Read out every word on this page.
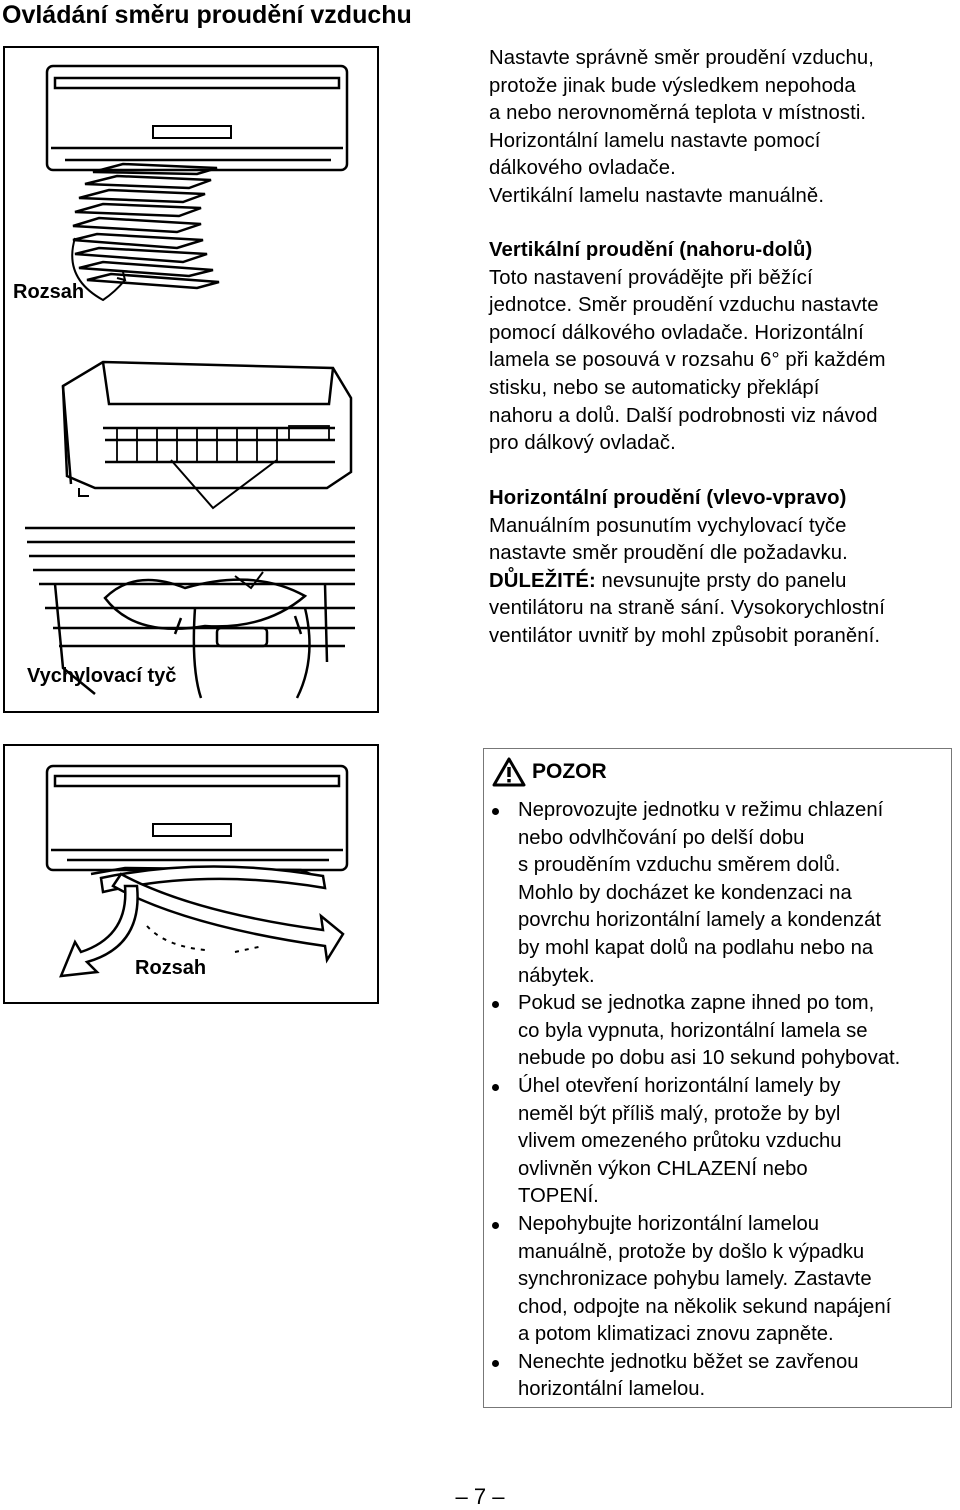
Ovládání směru proudění vzduchu
Rozsah
Vychylovací tyč

Nastavte správně směr proudění vzduchu,

protože jinak bude výsledkem nepohoda

a nebo nerovnoměrná teplota v místnosti.

Horizontální lamelu nastavte pomocí

dálkového ovladače.

Vertikální lamelu nastavte manuálně.

Vertikální proudění (nahoru-dolů)

Toto nastavení provádějte při běžící

jednotce. Směr proudění vzduchu nastavte

pomocí dálkového ovladače. Horizontální

lamela se posouvá v rozsahu 6° při každém

stisku, nebo se automaticky překlápí

nahoru a dolů. Další podrobnosti viz návod

pro dálkový ovladač.

Horizontální proudění (vlevo-vpravo)

Manuálním posunutím vychylovací tyče

nastavte směr proudění dle požadavku.

DŮLEŽITÉ: nevsunujte prsty do panelu

ventilátoru na straně sání. Vysokorychlostní

ventilátor uvnitř by mohl způsobit poranění.

Rozsah
POZOR
Neprovozujte jednotku v režimu chlazení
nebo odvlhčování po delší dobu
s prouděním vzduchu směrem dolů.
Mohlo by docházet ke kondenzaci na
povrchu horizontální lamely a kondenzát
by mohl kapat dolů na podlahu nebo na
nábytek.
Pokud se jednotka zapne ihned po tom,
co byla vypnuta, horizontální lamela se
nebude po dobu asi 10 sekund pohybovat.
Úhel otevření horizontální lamely by
neměl být příliš malý, protože by byl
vlivem omezeného průtoku vzduchu
ovlivněn výkon CHLAZENÍ nebo
TOPENÍ.
Nepohybujte horizontální lamelou
manuálně, protože by došlo k výpadku
synchronizace pohybu lamely. Zastavte
chod, odpojte na několik sekund napájení
a potom klimatizaci znovu zapněte.
Nenechte jednotku běžet se zavřenou
horizontální lamelou.
– 7 –
